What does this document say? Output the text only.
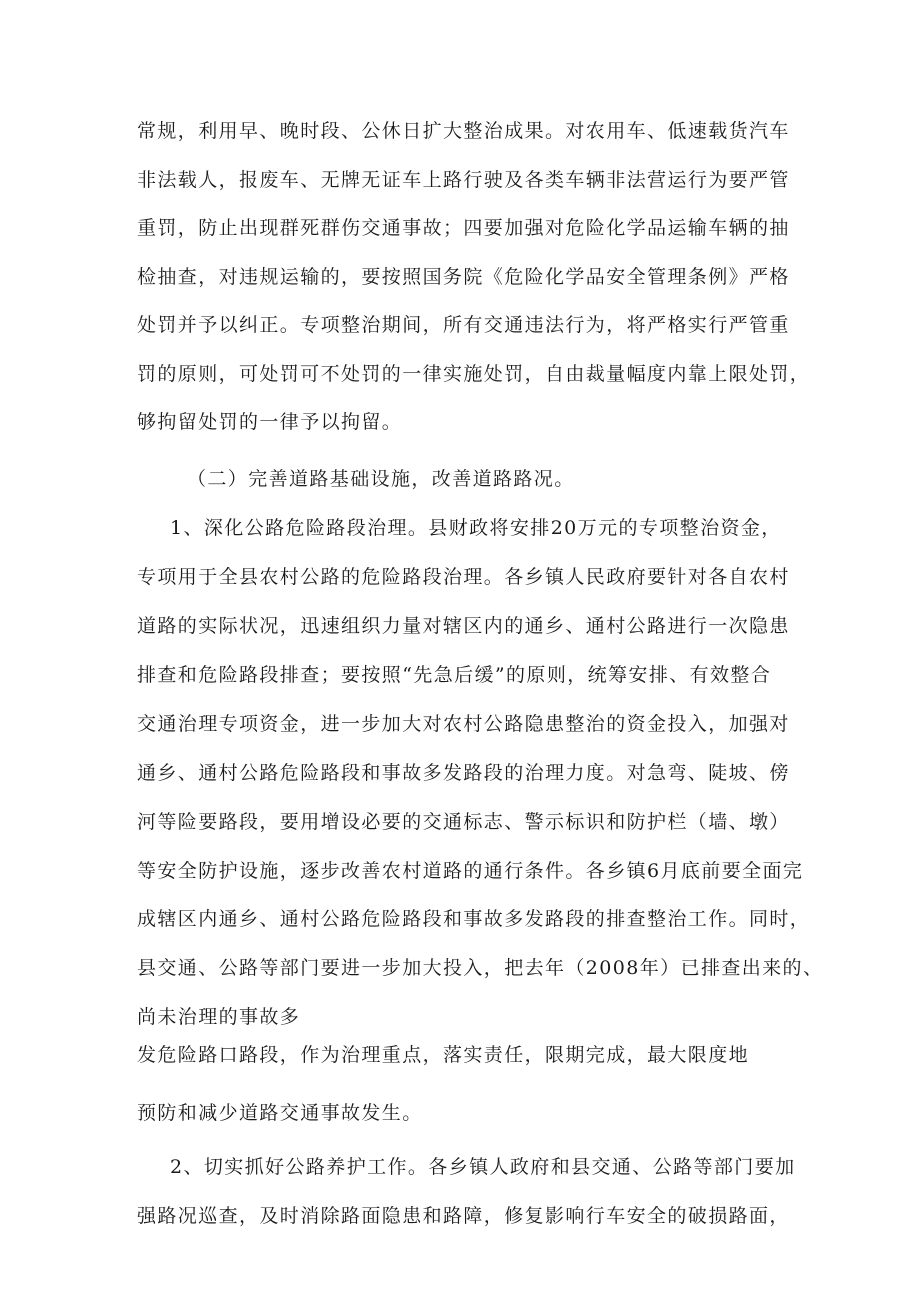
常规，利用早、晚时段、公休日扩大整治成果。对农用车、低速载货汽车

非法载人，报废车、无牌无证车上路行驶及各类车辆非法营运行为要严管

重罚，防止出现群死群伤交通事故；四要加强对危险化学品运输车辆的抽

检抽查，对违规运输的，要按照国务院《危险化学品安全管理条例》严格

处罚并予以纠正。专项整治期间，所有交通违法行为，将严格实行严管重

罚的原则，可处罚可不处罚的一律实施处罚，自由裁量幅度内靠上限处罚，

够拘留处罚的一律予以拘留。

（二）完善道路基础设施，改善道路路况。

1、深化公路危险路段治理。县财政将安排20万元的专项整治资金，

专项用于全县农村公路的危险路段治理。各乡镇人民政府要针对各自农村

道路的实际状况，迅速组织力量对辖区内的通乡、通村公路进行一次隐患

排查和危险路段排查；要按照“先急后缓”的原则，统筹安排、有效整合

交通治理专项资金，进一步加大对农村公路隐患整治的资金投入，加强对

通乡、通村公路危险路段和事故多发路段的治理力度。对急弯、陡坡、傍

河等险要路段，要用增设必要的交通标志、警示标识和防护栏（墙、墩）

等安全防护设施，逐步改善农村道路的通行条件。各乡镇6月底前要全面完

成辖区内通乡、通村公路危险路段和事故多发路段的排查整治工作。同时，

县交通、公路等部门要进一步加大投入，把去年（2008年）已排查出来的、

尚未治理的事故多

发危险路口路段，作为治理重点，落实责任，限期完成，最大限度地

预防和减少道路交通事故发生。

2、切实抓好公路养护工作。各乡镇人政府和县交通、公路等部门要加

强路况巡查，及时消除路面隐患和路障，修复影响行车安全的破损路面，
